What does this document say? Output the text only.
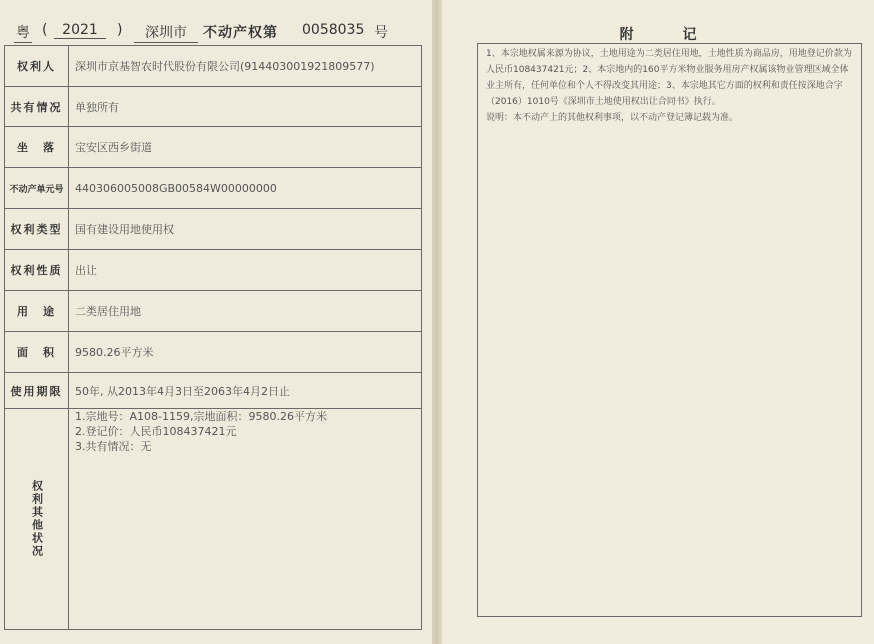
粤 (	2021	)	深圳市	不动产权第 0058035 号
权利人	深圳市京基智农时代股份有限公司(914403001921809577)
共有情况	单独所有
坐　落	宝安区西乡街道
不动产单元号	440306005008GB00584W00000000
权利类型	国有建设用地使用权
权利性质	出让
用　途	二类居住用地
面　积	9580.26平方米
使用期限	50年, 从2013年4月3日至2063年4月2日止
权利其他状况	1.宗地号：A108-1159,宗地面积：9580.26平方米
2.登记价：人民币108437421元
3.共有情况：无
附	记

1、本宗地权属来源为协议，土地用途为二类居住用地，土地性质为商品房，用地登记价款为人民币108437421元；2、本宗地内的160平方米物业服务用房产权属该物业管理区域全体业主所有，任何单位和个人不得改变其用途；3、本宗地其它方面的权利和责任按深地合字（2016）1010号《深圳市土地使用权出让合同书》执行。

说明：本不动产上的其他权利事项，以不动产登记簿记载为准。
